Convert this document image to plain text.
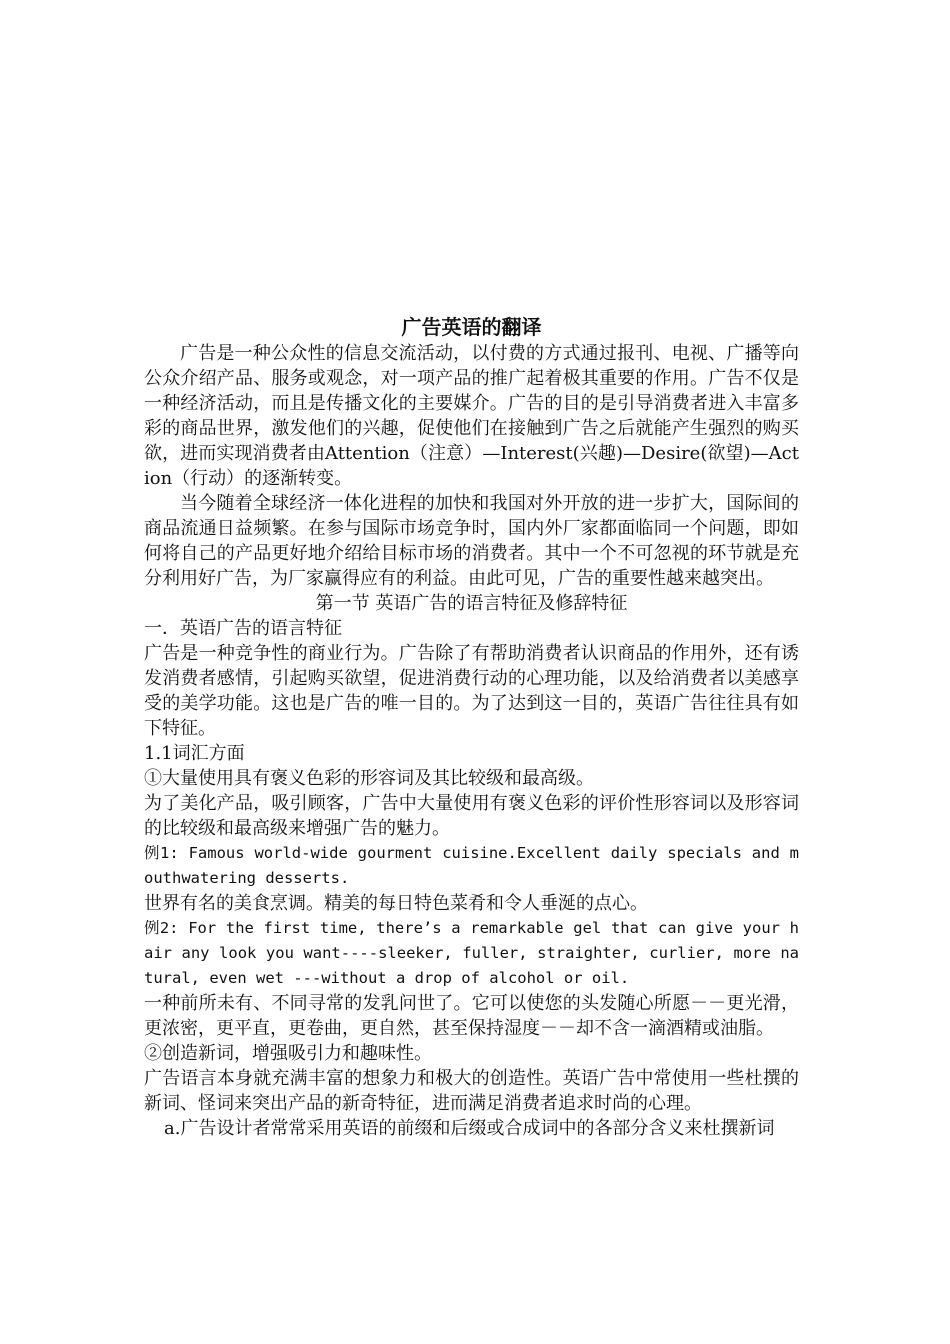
广告英语的翻译

广告是一种公众性的信息交流活动，以付费的方式通过报刊、电视、广播等向公众介绍产品、服务或观念，对一项产品的推广起着极其重要的作用。广告不仅是一种经济活动，而且是传播文化的主要媒介。广告的目的是引导消费者进入丰富多彩的商品世界，激发他们的兴趣，促使他们在接触到广告之后就能产生强烈的购买欲，进而实现消费者由Attention（注意）—Interest(兴趣)—Desire(欲望)—Action（行动）的逐渐转变。

当今随着全球经济一体化进程的加快和我国对外开放的进一步扩大，国际间的商品流通日益频繁。在参与国际市场竞争时，国内外厂家都面临同一个问题，即如何将自己的产品更好地介绍给目标市场的消费者。其中一个不可忽视的环节就是充分利用好广告，为厂家赢得应有的利益。由此可见，广告的重要性越来越突出。

第一节 英语广告的语言特征及修辞特征

一．英语广告的语言特征

广告是一种竞争性的商业行为。广告除了有帮助消费者认识商品的作用外，还有诱发消费者感情，引起购买欲望，促进消费行动的心理功能，以及给消费者以美感享受的美学功能。这也是广告的唯一目的。为了达到这一目的，英语广告往往具有如下特征。

1.1词汇方面

①大量使用具有褒义色彩的形容词及其比较级和最高级。

为了美化产品，吸引顾客，广告中大量使用有褒义色彩的评价性形容词以及形容词的比较级和最高级来增强广告的魅力。

例1: Famous world-wide gourment cuisine.Excellent daily specials and mouthwatering desserts.

世界有名的美食烹调。精美的每日特色菜肴和令人垂涎的点心。

例2: For the first time, there’s a remarkable gel that can give your hair any look you want----sleeker, fuller, straighter, curlier, more natural, even wet ---without a drop of alcohol or oil.

一种前所未有、不同寻常的发乳问世了。它可以使您的头发随心所愿－－更光滑，更浓密，更平直，更卷曲，更自然，甚至保持湿度－－却不含一滴酒精或油脂。

②创造新词，增强吸引力和趣味性。

广告语言本身就充满丰富的想象力和极大的创造性。英语广告中常使用一些杜撰的新词、怪词来突出产品的新奇特征，进而满足消费者追求时尚的心理。

a.广告设计者常常采用英语的前缀和后缀或合成词中的各部分含义来杜撰新词
